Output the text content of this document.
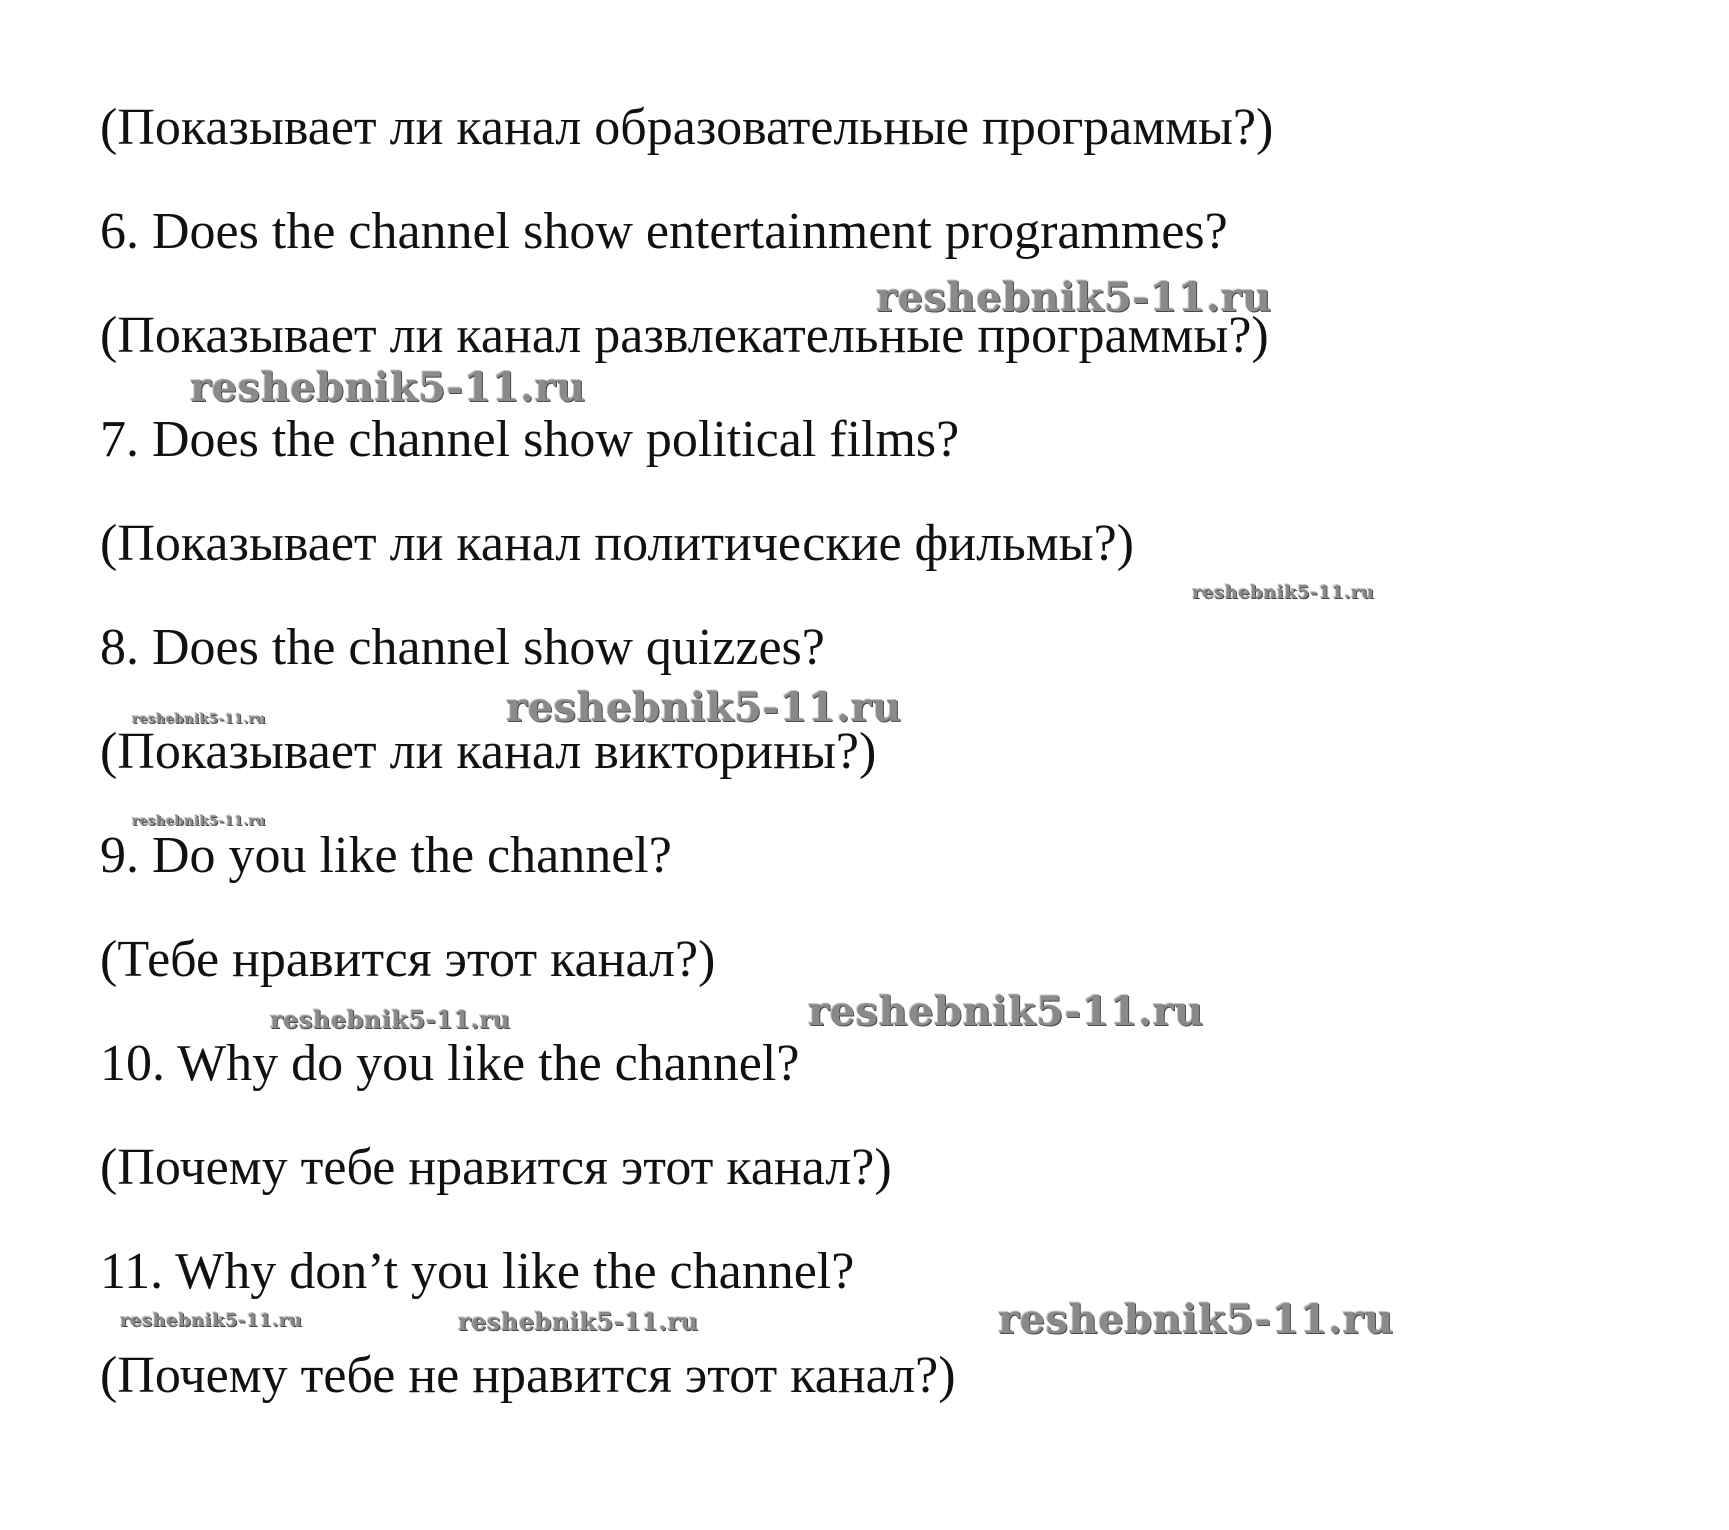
(Показывает ли канал образовательные программы?)

6. Does the channel show entertainment programmes?

(Показывает ли канал развлекательные программы?)

7. Does the channel show political films?

(Показывает ли канал политические фильмы?)

8. Does the channel show quizzes?

(Показывает ли канал викторины?)

9. Do you like the channel?

(Тебе нравится этот канал?)

10. Why do you like the channel?

(Почему тебе нравится этот канал?)

11. Why don’t you like the channel?

(Почему тебе не нравится этот канал?)

reshebnik5-11.ru
reshebnik5-11.ru
reshebnik5-11.ru
reshebnik5-11.ru
reshebnik5-11.ru
reshebnik5-11.ru
reshebnik5-11.ru	reshebnik5-11.ru
reshebnik5-11.ru	reshebnik5-11.ru	reshebnik5-11.ru
